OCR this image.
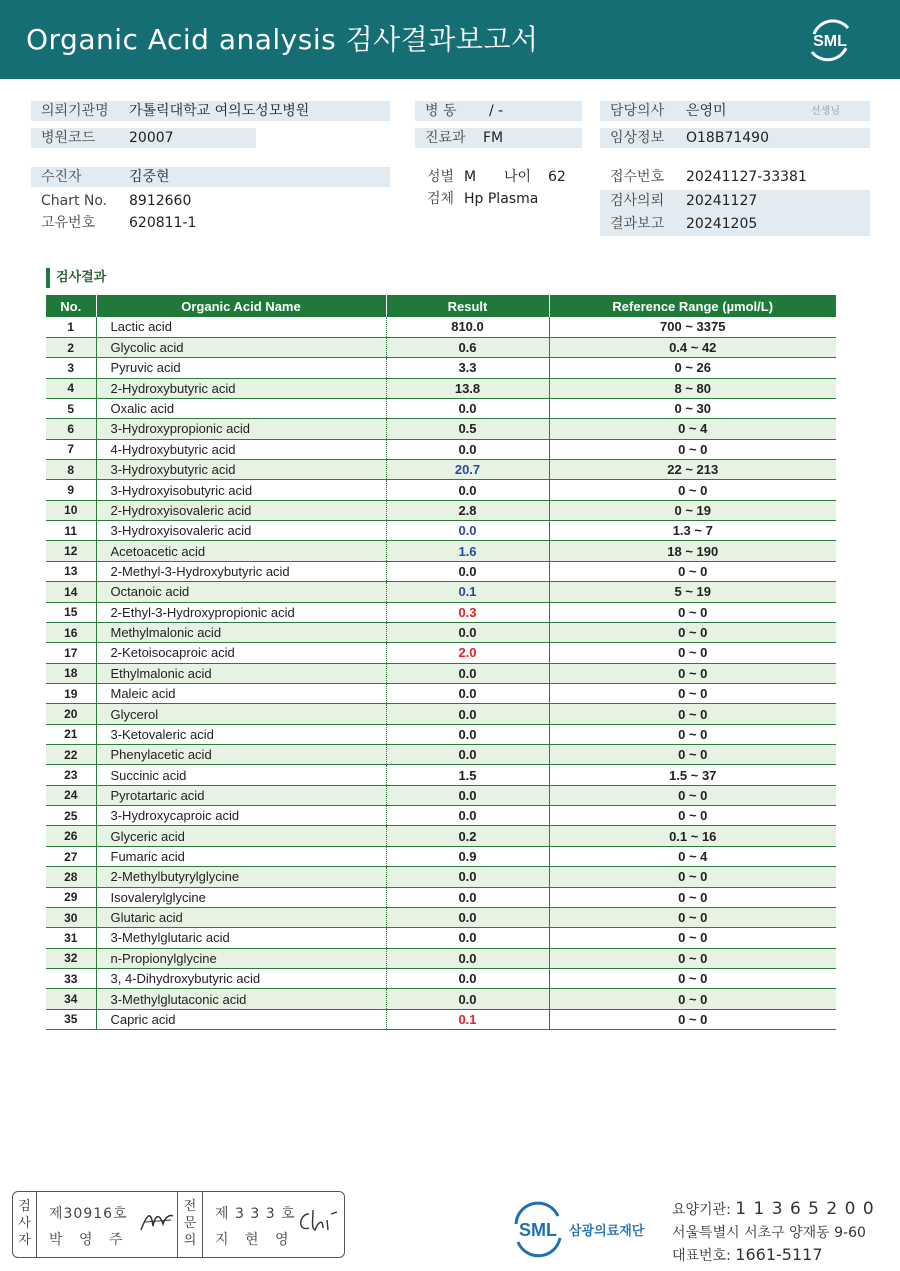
Organic Acid analysis 검사결과보고서	SML
의뢰기관명 가톨릭대학교 여의도성모병원
병원코드 20007
병 동 / -
진료과 FM
담당의사 은영미	선생님
임상정보 O18B71490
수진자	김중현
Chart No. 8912660
고유번호 620811-1
성별 M 나이 62
검체 Hp Plasma
접수번호 20241127-33381
검사의뢰 20241127
결과보고 20241205
검사결과
No.	Organic Acid Name	Result	Reference Range (µmol/L)
1	Lactic acid	810.0	700 ~ 3375
2	Glycolic acid	0.6	0.4 ~ 42
3	Pyruvic acid	3.3	0 ~ 26
4	2-Hydroxybutyric acid	13.8	8 ~ 80
5	Oxalic acid	0.0	0 ~ 30
6	3-Hydroxypropionic acid	0.5	0 ~ 4
7	4-Hydroxybutyric acid	0.0	0 ~ 0
8	3-Hydroxybutyric acid	20.7	22 ~ 213
9	3-Hydroxyisobutyric acid	0.0	0 ~ 0
10	2-Hydroxyisovaleric acid	2.8	0 ~ 19
11	3-Hydroxyisovaleric acid	0.0	1.3 ~ 7
12	Acetoacetic acid	1.6	18 ~ 190
13	2-Methyl-3-Hydroxybutyric acid	0.0	0 ~ 0
14	Octanoic acid	0.1	5 ~ 19
15	2-Ethyl-3-Hydroxypropionic acid	0.3	0 ~ 0
16	Methylmalonic acid	0.0	0 ~ 0
17	2-Ketoisocaproic acid	2.0	0 ~ 0
18	Ethylmalonic acid	0.0	0 ~ 0
19	Maleic acid	0.0	0 ~ 0
20	Glycerol	0.0	0 ~ 0
21	3-Ketovaleric acid	0.0	0 ~ 0
22	Phenylacetic acid	0.0	0 ~ 0
23	Succinic acid	1.5	1.5 ~ 37
24	Pyrotartaric acid	0.0	0 ~ 0
25	3-Hydroxycaproic acid	0.0	0 ~ 0
26	Glyceric acid	0.2	0.1 ~ 16
27	Fumaric acid	0.9	0 ~ 4
28	2-Methylbutyrylglycine	0.0	0 ~ 0
29	Isovalerylglycine	0.0	0 ~ 0
30	Glutaric acid	0.0	0 ~ 0
31	3-Methylglutaric acid	0.0	0 ~ 0
32	n-Propionylglycine	0.0	0 ~ 0
33	3, 4-Dihydroxybutyric acid	0.0	0 ~ 0
34	3-Methylglutaconic acid	0.0	0 ~ 0
35	Capric acid	0.1	0 ~ 0
검사자
제30916호
박 영 주
전문의
제 3 3 3 호
지 현 영	SML 삼광의료재단
요양기관: 1 1 3 6 5 2 0 0
서울특별시 서초구 양재동 9-60
대표번호: 1661-5117
